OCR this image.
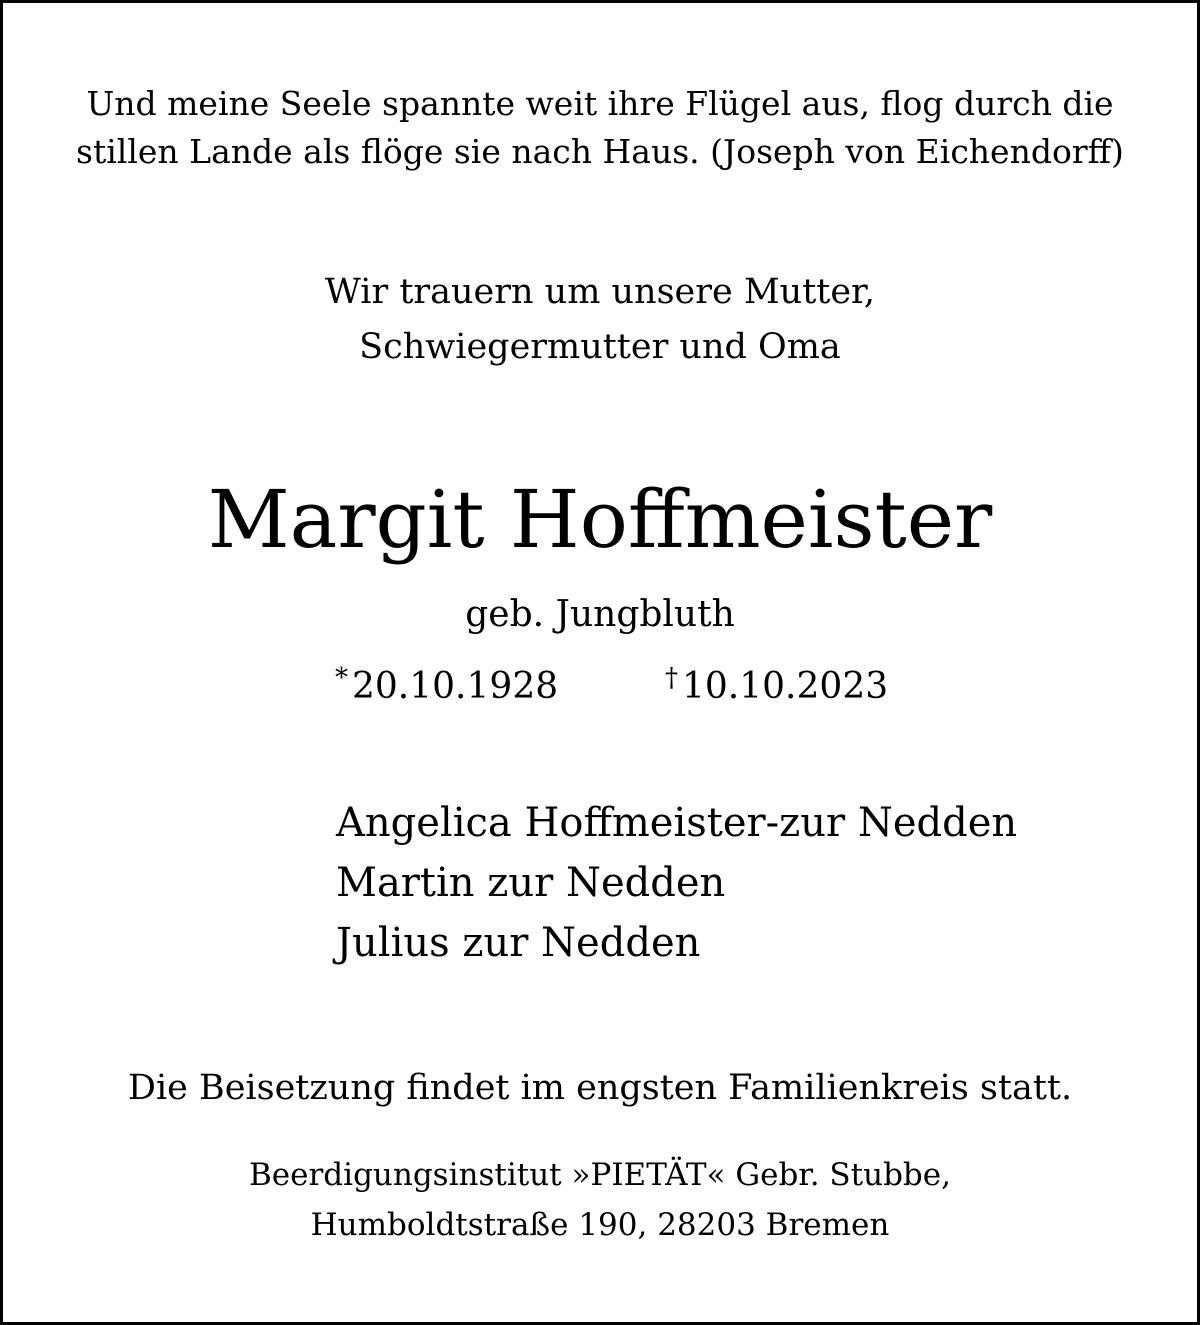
Und meine Seele spannte weit ihre Flügel aus, flog durch die
stillen Lande als flöge sie nach Haus. (Joseph von Eichendorff)
Wir trauern um unsere Mutter,
Schwiegermutter und Oma
Margit Hoffmeister
geb. Jungbluth
* 20.10.1928	† 10.10.2023
Angelica Hoffmeister-zur Nedden
Martin zur Nedden
Julius zur Nedden
Die Beisetzung findet im engsten Familienkreis statt.
Beerdigungsinstitut »PIETÄT« Gebr. Stubbe,
Humboldtstraße 190, 28203 Bremen
